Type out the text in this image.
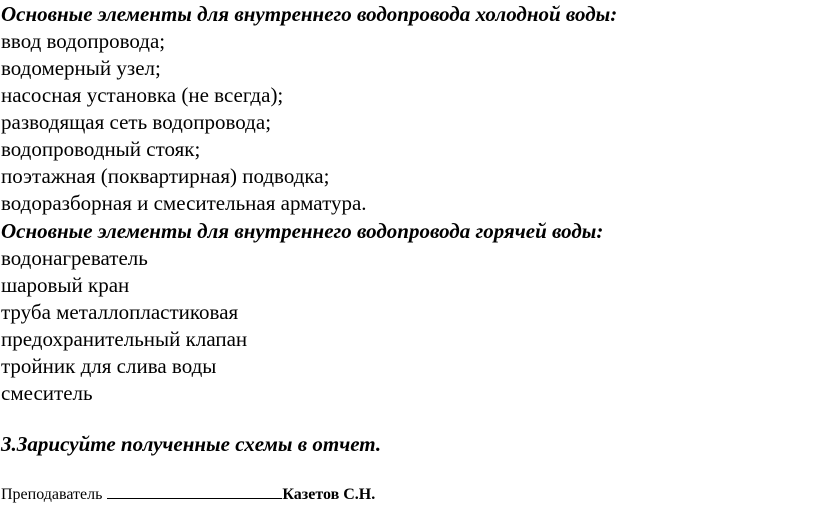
Основные элементы для внутреннего водопровода холодной воды:
ввод водопровода;
водомерный узел;
насосная установка (не всегда);
разводящая сеть водопровода;
водопроводный стояк;
поэтажная (поквартирная) подводка;
водоразборная и смесительная арматура.
Основные элементы для внутреннего водопровода горячей воды:
водонагреватель
шаровый кран
труба металлопластиковая
предохранительный клапан
тройник для слива воды
смеситель
3.Зарисуйте полученные схемы в отчет.
Преподаватель	Казетов С.Н.
